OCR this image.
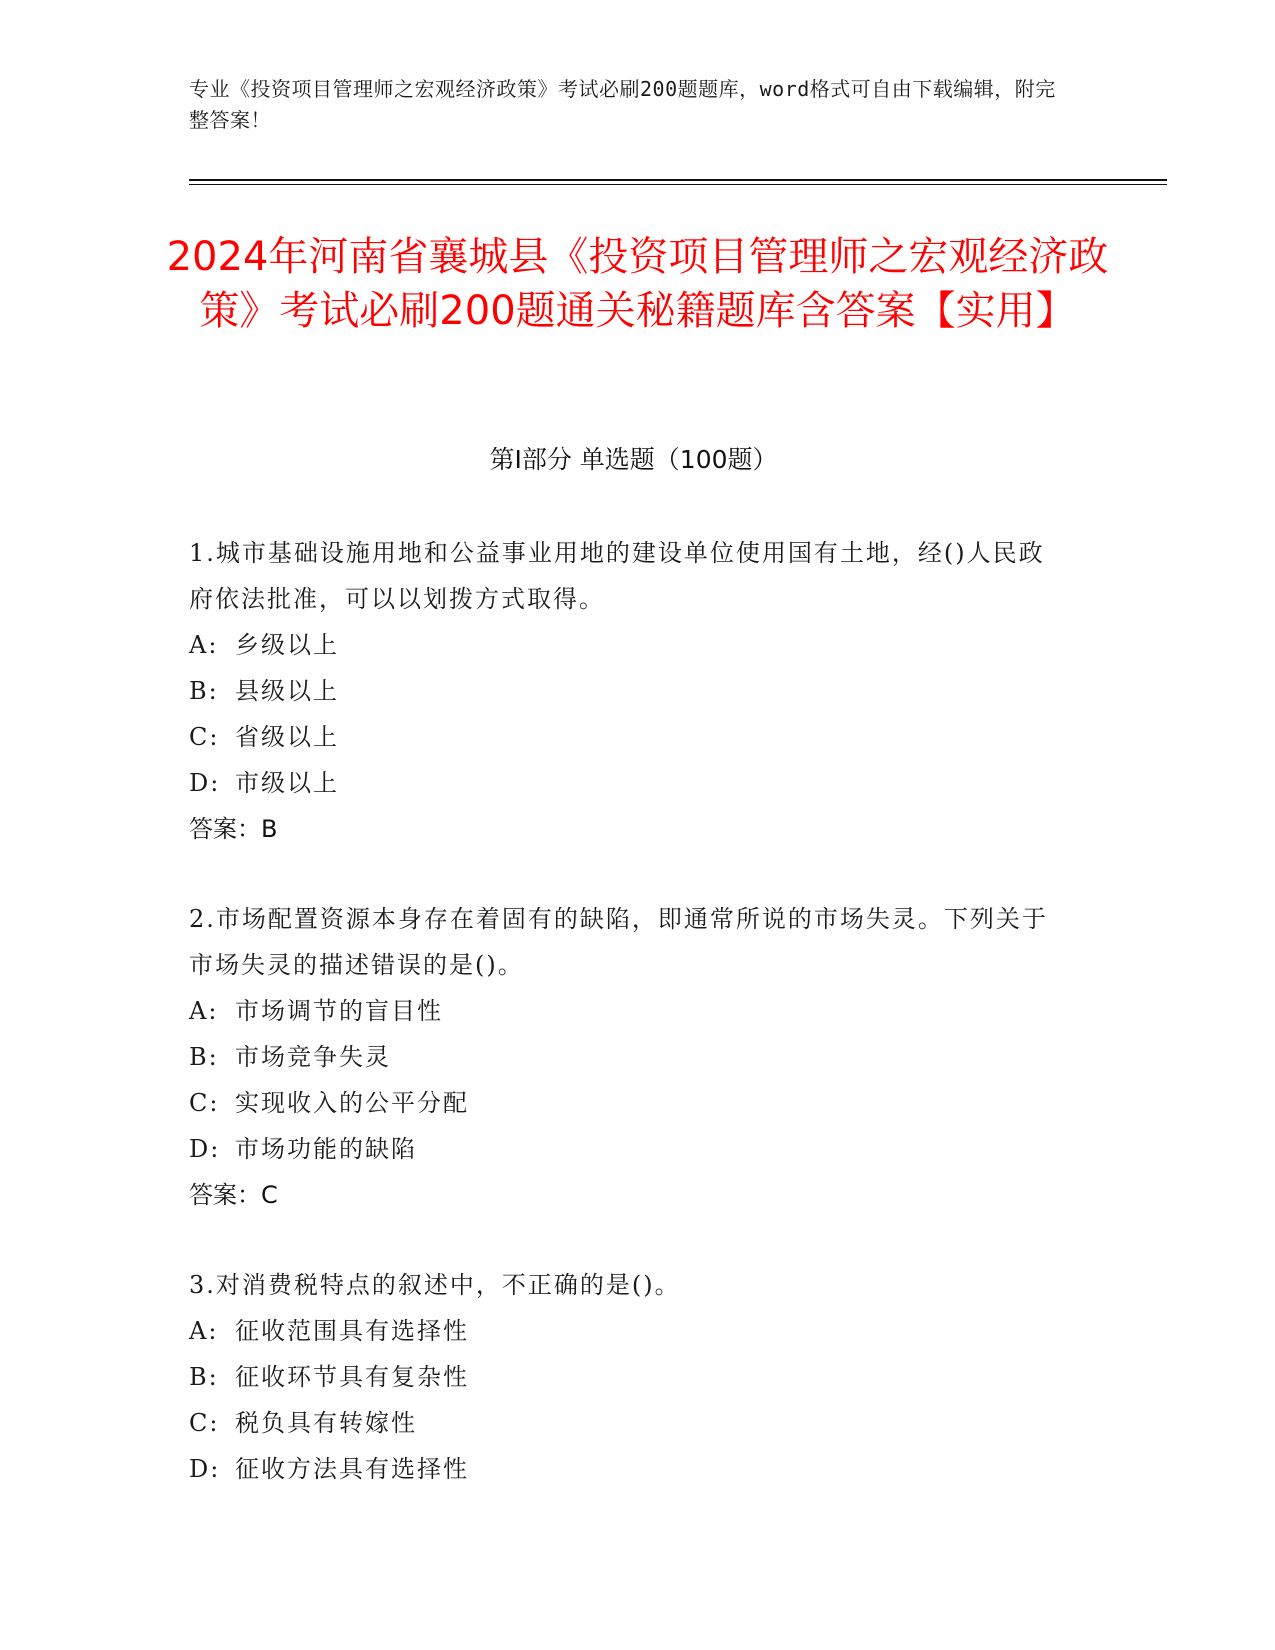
专业《投资项目管理师之宏观经济政策》考试必刷200题题库，word格式可自由下载编辑，附完整答案！
2024年河南省襄城县《投资项目管理师之宏观经济政策》考试必刷200题通关秘籍题库含答案【实用】
第I部分 单选题（100题）
1.城市基础设施用地和公益事业用地的建设单位使用国有土地，经()人民政府依法批准，可以以划拨方式取得。
A: 乡级以上
B: 县级以上
C: 省级以上
D: 市级以上
答案：B
2.市场配置资源本身存在着固有的缺陷，即通常所说的市场失灵。下列关于市场失灵的描述错误的是()。
A: 市场调节的盲目性
B: 市场竞争失灵
C: 实现收入的公平分配
D: 市场功能的缺陷
答案：C
3.对消费税特点的叙述中，不正确的是()。
A: 征收范围具有选择性
B: 征收环节具有复杂性
C: 税负具有转嫁性
D: 征收方法具有选择性
